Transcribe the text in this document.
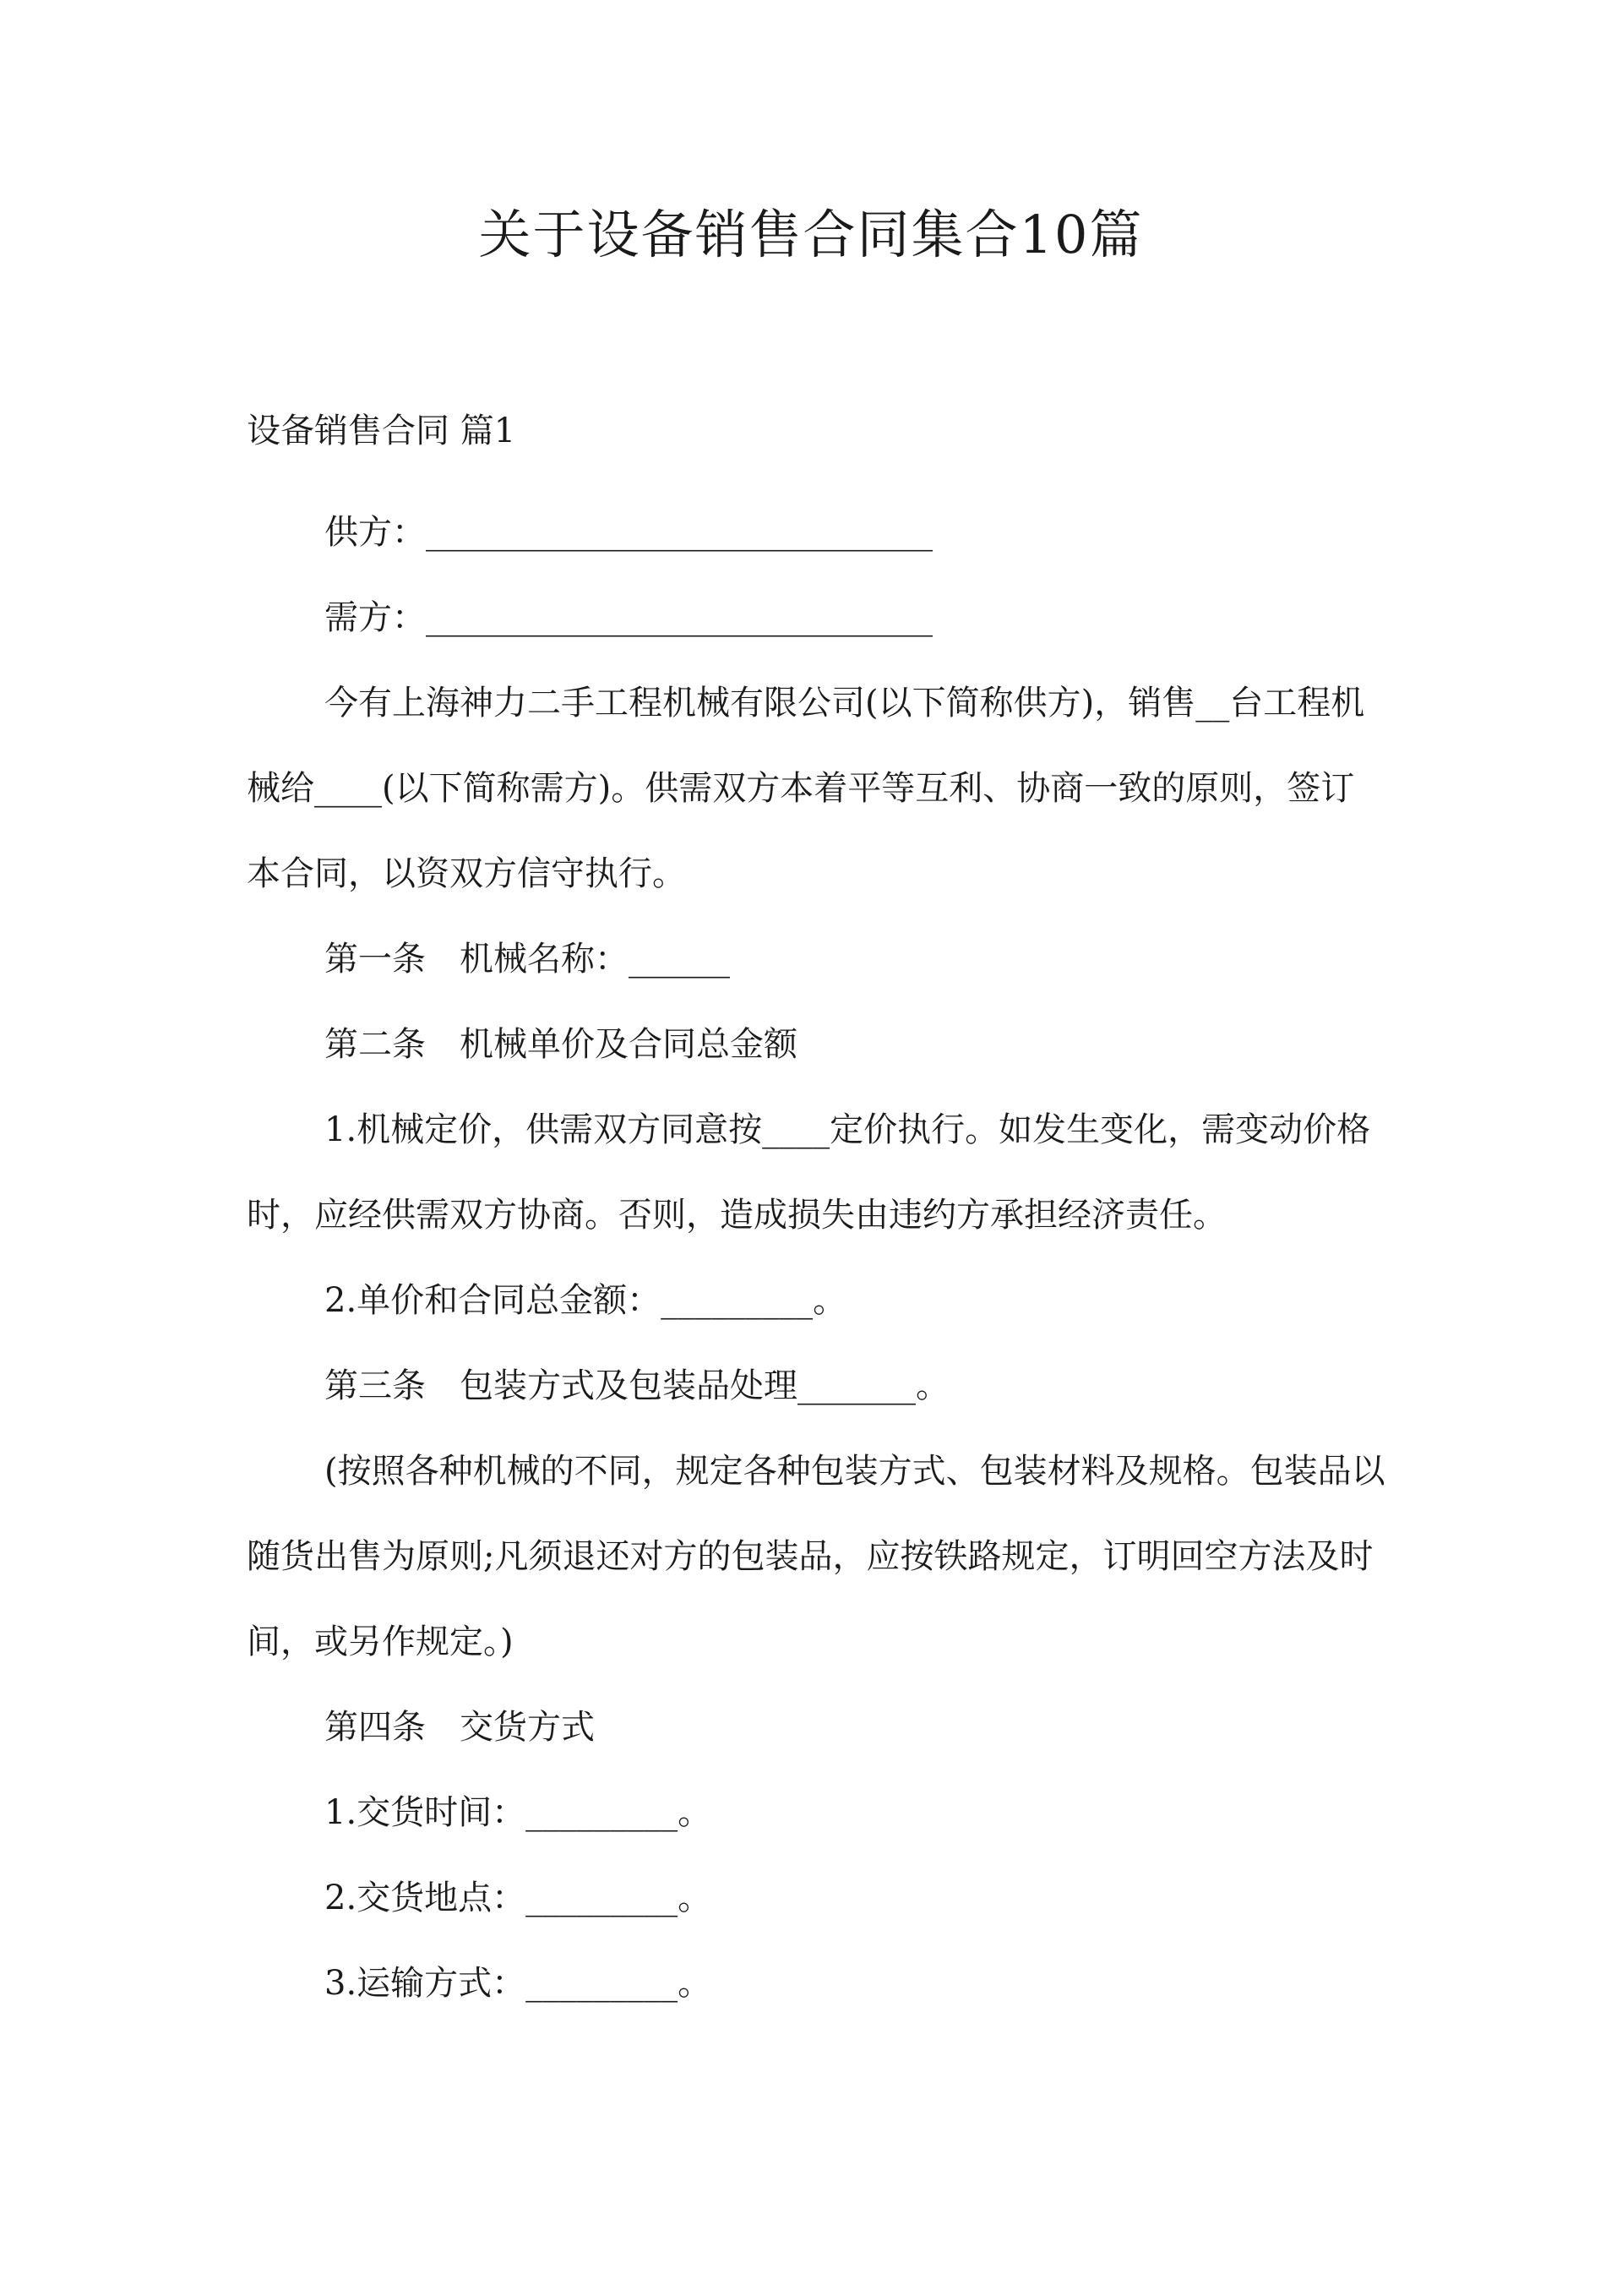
关于设备销售合同集合10篇
设备销售合同 篇1

供方：______________________________

需方：______________________________

今有上海神力二手工程机械有限公司(以下简称供方)，销售__台工程机械给____(以下简称需方)。供需双方本着平等互利、协商一致的原则，签订本合同，以资双方信守执行。

第一条　机械名称：______

第二条　机械单价及合同总金额

1.机械定价，供需双方同意按____定价执行。如发生变化，需变动价格时，应经供需双方协商。否则，造成损失由违约方承担经济责任。

2.单价和合同总金额：_________。

第三条　包装方式及包装品处理_______。

(按照各种机械的不同，规定各种包装方式、包装材料及规格。包装品以随货出售为原则;凡须退还对方的包装品，应按铁路规定，订明回空方法及时间，或另作规定。)

第四条　交货方式

1.交货时间：_________。

2.交货地点：_________。

3.运输方式：_________。
